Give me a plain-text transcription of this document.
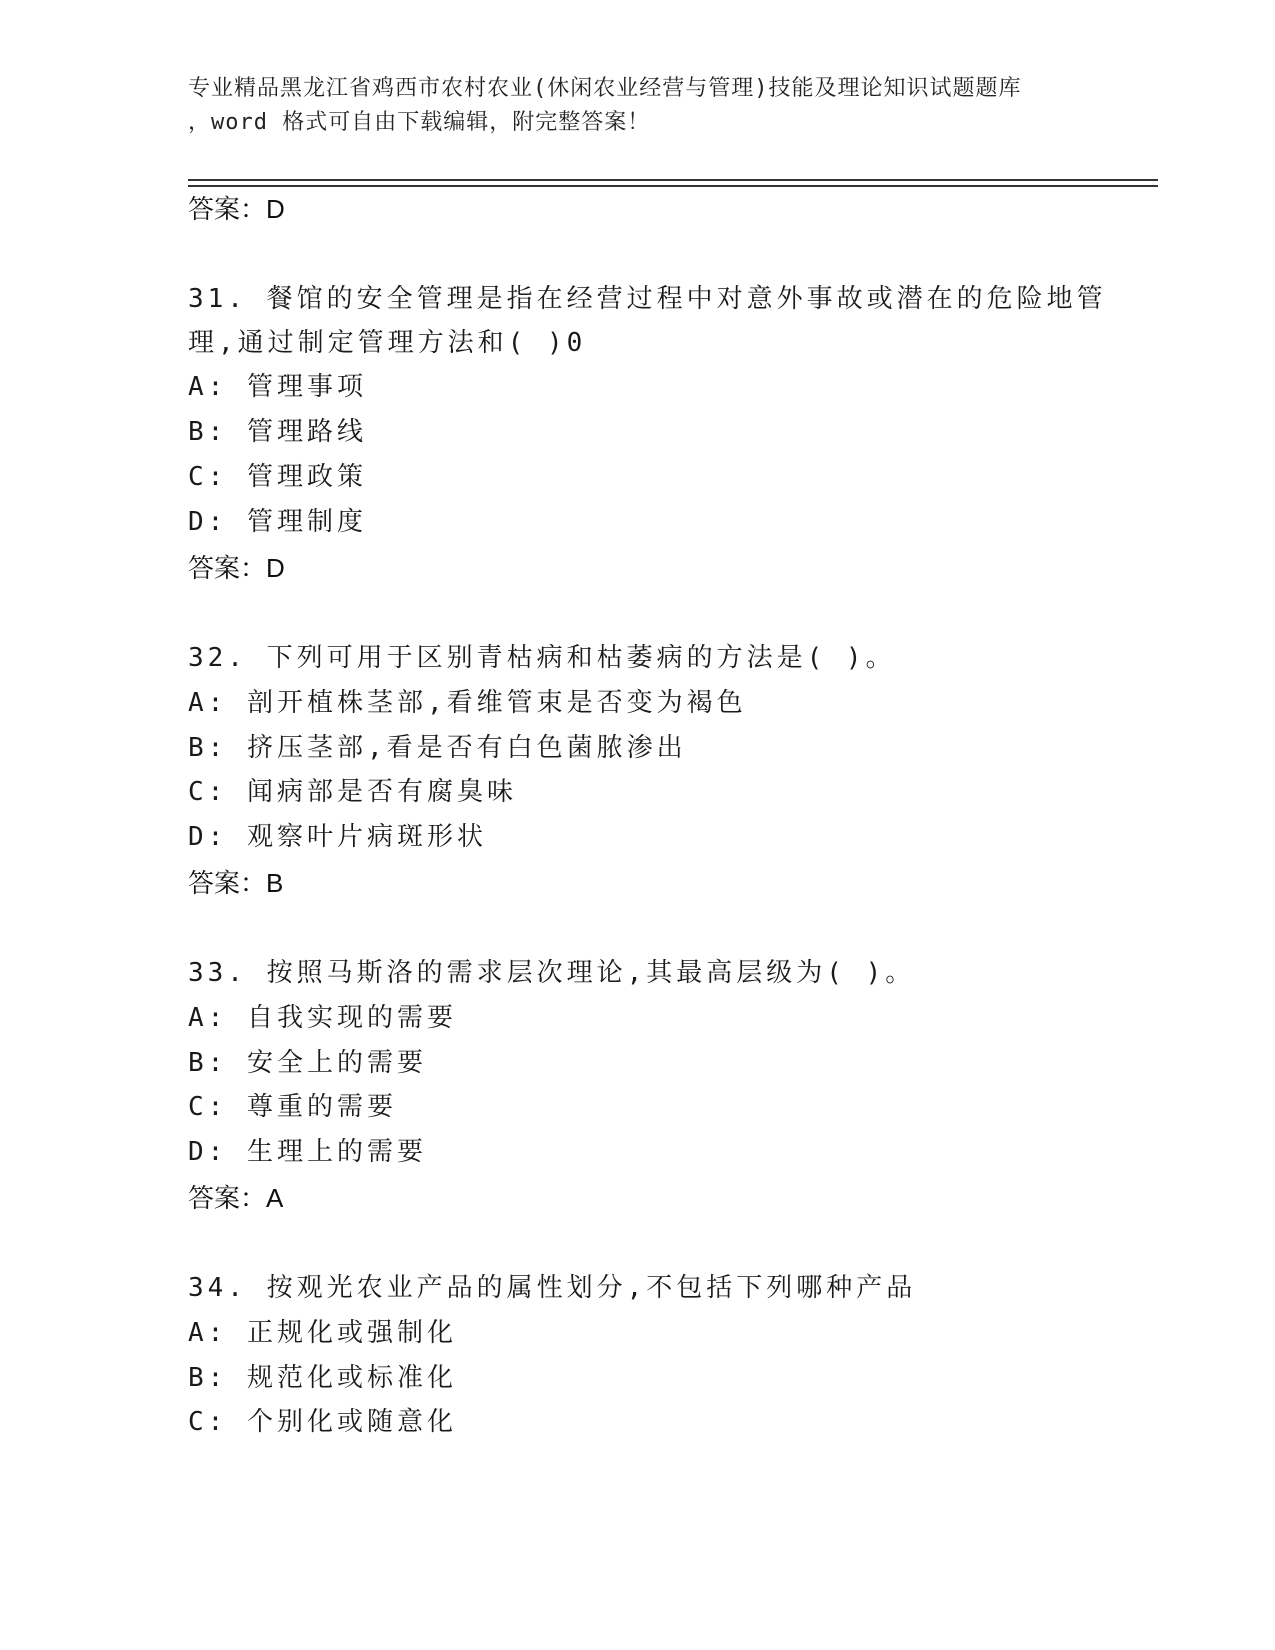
专业精品黑龙江省鸡西市农村农业(休闲农业经营与管理)技能及理论知识试题题库
，word 格式可自由下载编辑，附完整答案！
答案：D
31. 餐馆的安全管理是指在经营过程中对意外事故或潜在的危险地管
理,通过制定管理方法和( )0
A: 管理事项
B: 管理路线
C: 管理政策
D: 管理制度
答案：D
32. 下列可用于区别青枯病和枯萎病的方法是( )。
A: 剖开植株茎部,看维管束是否变为褐色
B: 挤压茎部,看是否有白色菌脓渗出
C: 闻病部是否有腐臭味
D: 观察叶片病斑形状
答案：B
33. 按照马斯洛的需求层次理论,其最高层级为( )。
A: 自我实现的需要
B: 安全上的需要
C: 尊重的需要
D: 生理上的需要
答案：A
34. 按观光农业产品的属性划分,不包括下列哪种产品
A: 正规化或强制化
B: 规范化或标准化
C: 个别化或随意化
